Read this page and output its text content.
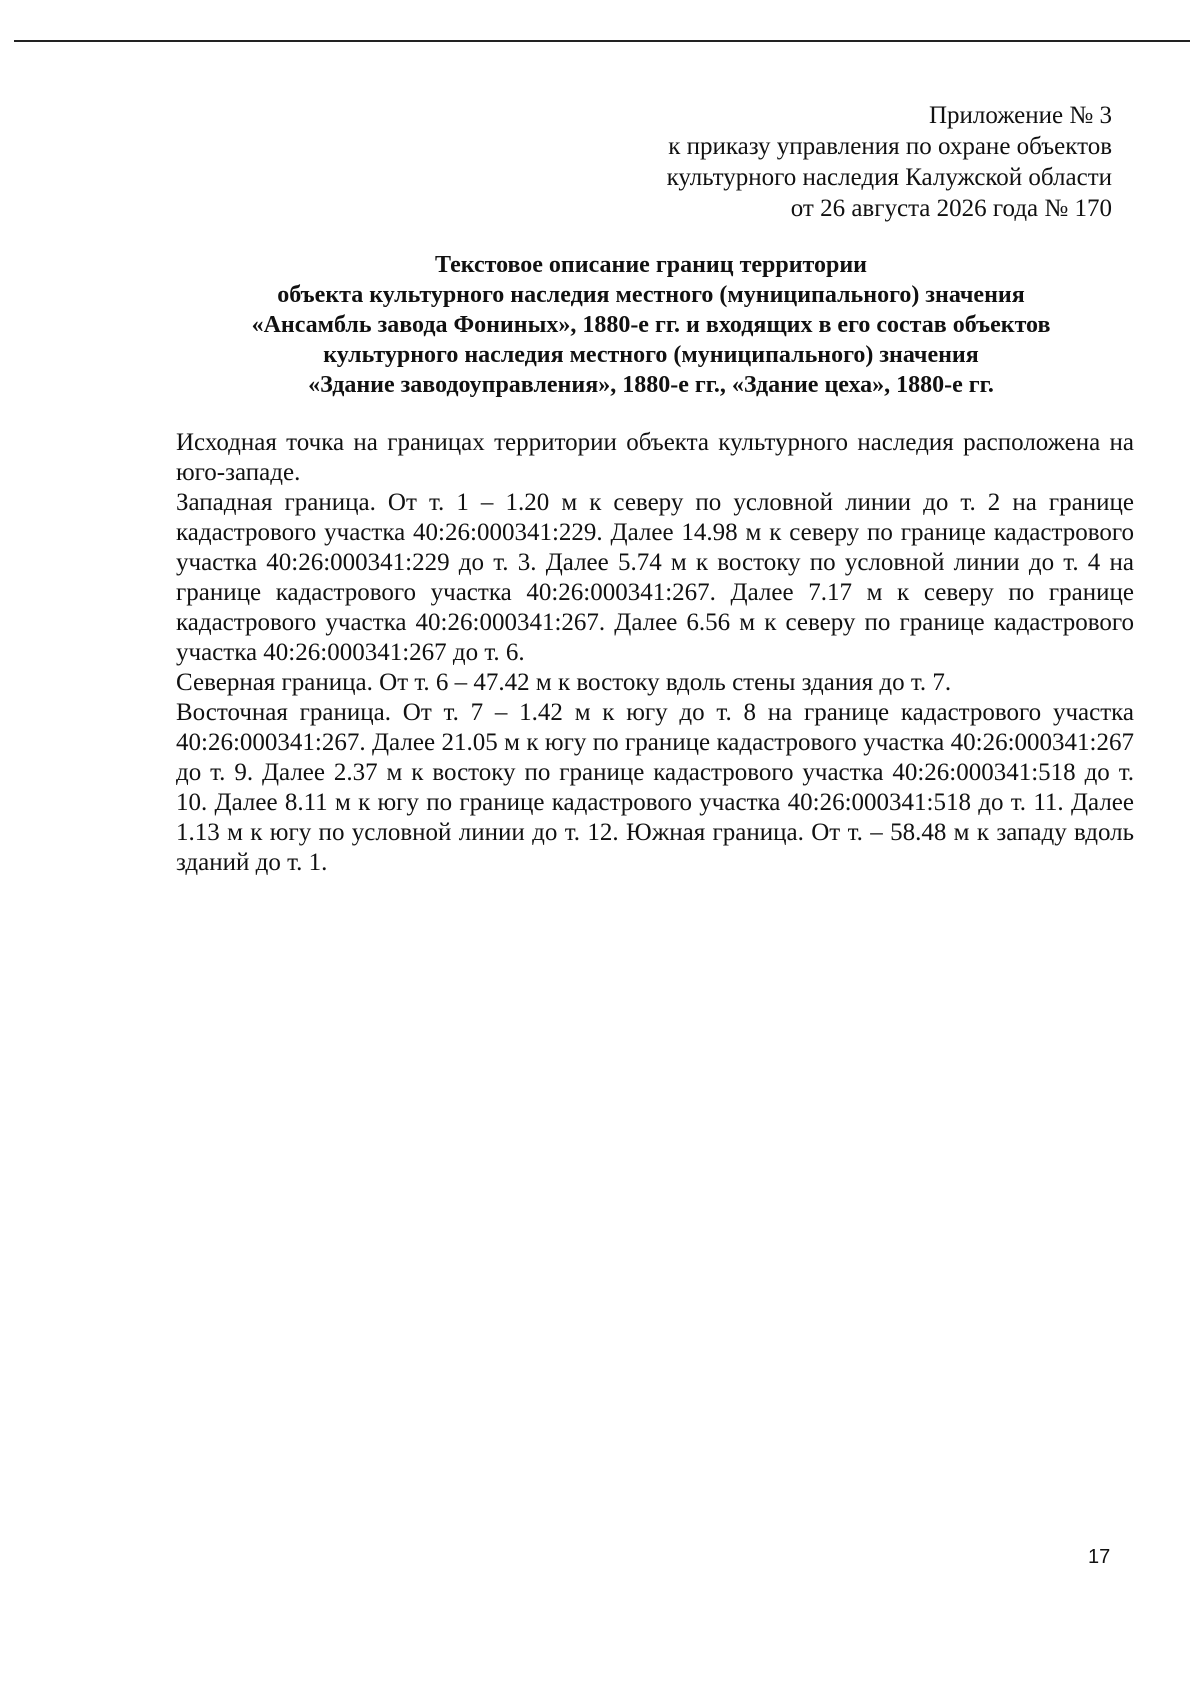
Приложение № 3
к приказу управления по охране объектов
культурного наследия Калужской области
от 26 августа 2026 года № 170
Текстовое описание границ территории
объекта культурного наследия местного (муниципального) значения
«Ансамбль завода Фониных», 1880-е гг. и входящих в его состав объектов
культурного наследия местного (муниципального) значения
«Здание заводоуправления», 1880-е гг., «Здание цеха», 1880-е гг.

Исходная точка на границах территории объекта культурного наследия расположена на юго-западе.

Западная граница. От т. 1 – 1.20 м к северу по условной линии до т. 2 на границе кадастрового участка 40:26:000341:229. Далее 14.98 м к северу по границе кадастрового участка 40:26:000341:229 до т. 3. Далее 5.74 м к востоку по условной линии до т. 4 на границе кадастрового участка 40:26:000341:267. Далее 7.17 м к северу по границе кадастрового участка 40:26:000341:267. Далее 6.56 м к северу по границе кадастрового участка 40:26:000341:267 до т. 6.

Северная граница. От т. 6 – 47.42 м к востоку вдоль стены здания до т. 7.

Восточная граница. От т. 7 – 1.42 м к югу до т. 8 на границе кадастрового участка 40:26:000341:267. Далее 21.05 м к югу по границе кадастрового участка 40:26:000341:267 до т. 9. Далее 2.37 м к востоку по границе кадастрового участка 40:26:000341:518 до т. 10. Далее 8.11 м к югу по границе кадастрового участка 40:26:000341:518 до т. 11. Далее 1.13 м к югу по условной линии до т. 12. Южная граница. От т. – 58.48 м к западу вдоль зданий до т. 1.

17
